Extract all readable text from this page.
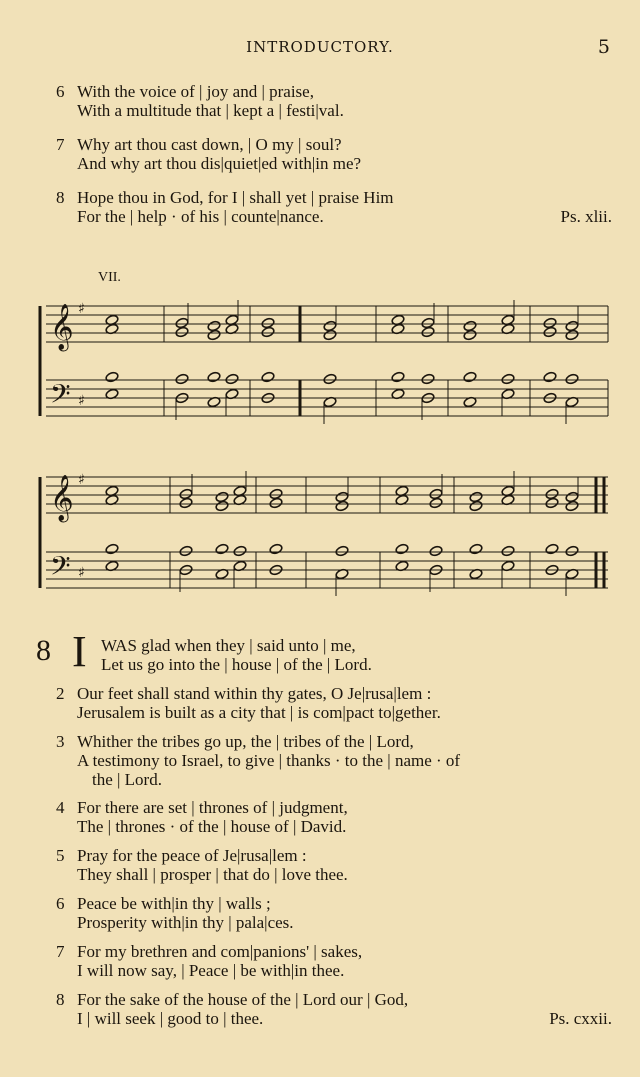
INTRODUCTORY.	5
6 With the voice of | joy and | praise,
With a multitude that | kept a | festi|val.
7 Why art thou cast down, | O my | soul?
And why art thou dis|quiet|ed with|in me?
8 Hope thou in God, for I | shall yet | praise Him
For the | help · of his | counte|nance.	Ps. xlii.
VII.
𝄞 ♯
𝄢 ♯
𝄞 ♯
𝄢 ♯
8 I WAS glad when they | said unto | me,
Let us go into the | house | of the | Lord.
2 Our feet shall stand within thy gates, O Je|rusa|lem :
Jerusalem is built as a city that | is com|pact to|gether.
3 Whither the tribes go up, the | tribes of the | Lord,
A testimony to Israel, to give | thanks · to the | name · of
the | Lord.
4 For there are set | thrones of | judgment,
The | thrones · of the | house of | David.
5 Pray for the peace of Je|rusa|lem :
They shall | prosper | that do | love thee.
6 Peace be with|in thy | walls ;
Prosperity with|in thy | pala|ces.
7 For my brethren and com|panions' | sakes,
I will now say, | Peace | be with|in thee.
8 For the sake of the house of the | Lord our | God,
I | will seek | good to | thee.	Ps. cxxii.
